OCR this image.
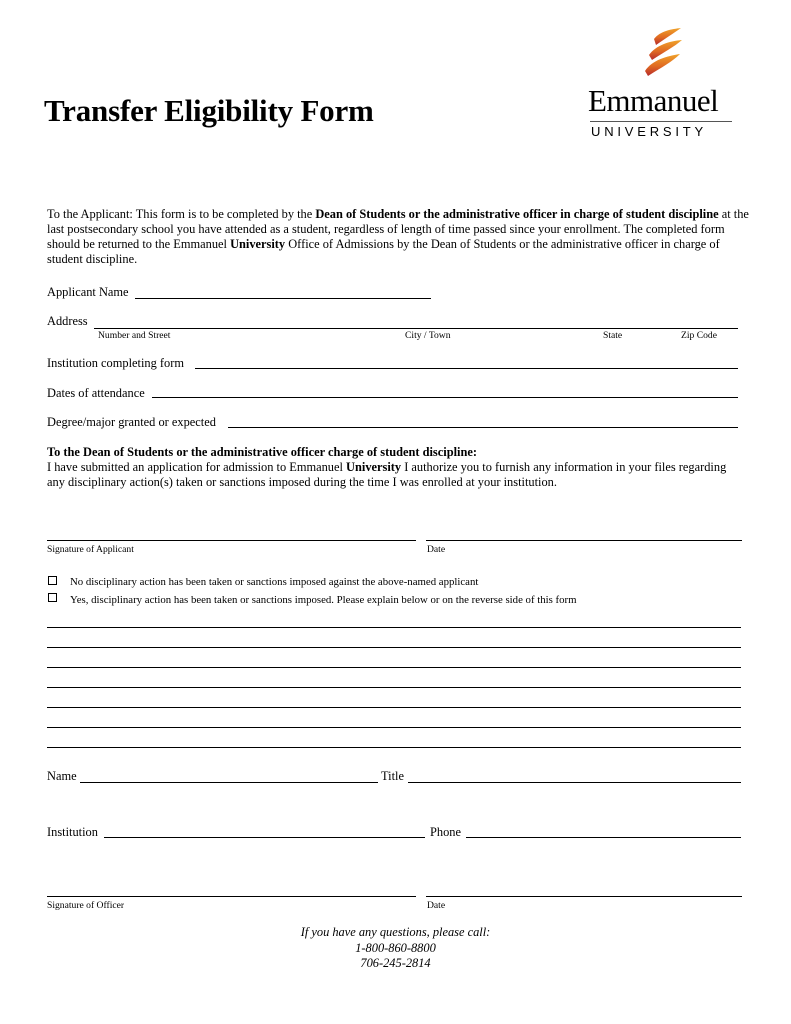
Transfer Eligibility Form	Emmanuel
UNIVERSITY
To the Applicant: This form is to be completed by the Dean of Students or the administrative officer in charge of student discipline at the last postsecondary school you have attended as a student, regardless of length of time passed since your enrollment. The completed form should be returned to the Emmanuel University Office of Admissions by the Dean of Students or the administrative officer in charge of student discipline.
Applicant Name
Address
Number and Street	City / Town	State	Zip Code
Institution completing form
Dates of attendance
Degree/major granted or expected
To the Dean of Students or the administrative officer charge of student discipline:
I have submitted an application for admission to Emmanuel University I authorize you to furnish any information in your files regarding any disciplinary action(s) taken or sanctions imposed during the time I was enrolled at your institution.
Signature of Applicant	Date
No disciplinary action has been taken or sanctions imposed against the above-named applicant
Yes, disciplinary action has been taken or sanctions imposed. Please explain below or on the reverse side of this form
Name	Title
Institution	Phone
Signature of Officer	Date
If you have any questions, please call:
1-800-860-8800
706-245-2814
